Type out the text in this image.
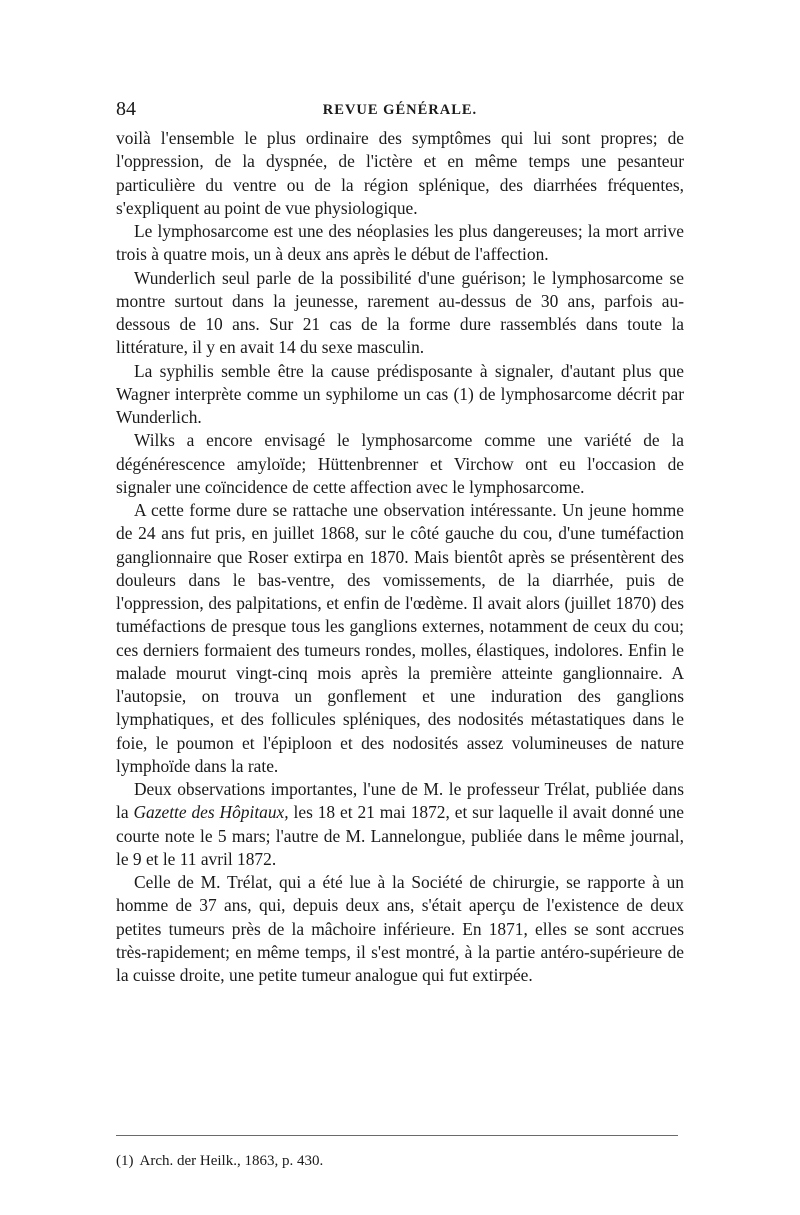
84	REVUE GÉNÉRALE.

voilà l'ensemble le plus ordinaire des symptômes qui lui sont propres; de l'oppression, de la dyspnée, de l'ictère et en même temps une pesanteur particulière du ventre ou de la région splénique, des diarrhées fréquentes, s'expliquent au point de vue physiologique.

Le lymphosarcome est une des néoplasies les plus dangereuses; la mort arrive trois à quatre mois, un à deux ans après le début de l'affection.

Wunderlich seul parle de la possibilité d'une guérison; le lymphosarcome se montre surtout dans la jeunesse, rarement au-dessus de 30 ans, parfois au-dessous de 10 ans. Sur 21 cas de la forme dure rassemblés dans toute la littérature, il y en avait 14 du sexe masculin.

La syphilis semble être la cause prédisposante à signaler, d'autant plus que Wagner interprète comme un syphilome un cas (1) de lymphosarcome décrit par Wunderlich.

Wilks a encore envisagé le lymphosarcome comme une variété de la dégénérescence amyloïde; Hüttenbrenner et Virchow ont eu l'occasion de signaler une coïncidence de cette affection avec le lymphosarcome.

A cette forme dure se rattache une observation intéressante. Un jeune homme de 24 ans fut pris, en juillet 1868, sur le côté gauche du cou, d'une tuméfaction ganglionnaire que Roser extirpa en 1870. Mais bientôt après se présentèrent des douleurs dans le bas-ventre, des vomissements, de la diarrhée, puis de l'oppression, des palpitations, et enfin de l'œdème. Il avait alors (juillet 1870) des tuméfactions de presque tous les ganglions externes, notamment de ceux du cou; ces derniers formaient des tumeurs rondes, molles, élastiques, indolores. Enfin le malade mourut vingt-cinq mois après la première atteinte ganglionnaire. A l'autopsie, on trouva un gonflement et une induration des ganglions lymphatiques, et des follicules spléniques, des nodosités métastatiques dans le foie, le poumon et l'épiploon et des nodosités assez volumineuses de nature lymphoïde dans la rate.

Deux observations importantes, l'une de M. le professeur Trélat, publiée dans la Gazette des Hôpitaux, les 18 et 21 mai 1872, et sur laquelle il avait donné une courte note le 5 mars; l'autre de M. Lannelongue, publiée dans le même journal, le 9 et le 11 avril 1872.

Celle de M. Trélat, qui a été lue à la Société de chirurgie, se rapporte à un homme de 37 ans, qui, depuis deux ans, s'était aperçu de l'existence de deux petites tumeurs près de la mâchoire inférieure. En 1871, elles se sont accrues très-rapidement; en même temps, il s'est montré, à la partie antéro-supérieure de la cuisse droite, une petite tumeur analogue qui fut extirpée.

(1) Arch. der Heilk., 1863, p. 430.
